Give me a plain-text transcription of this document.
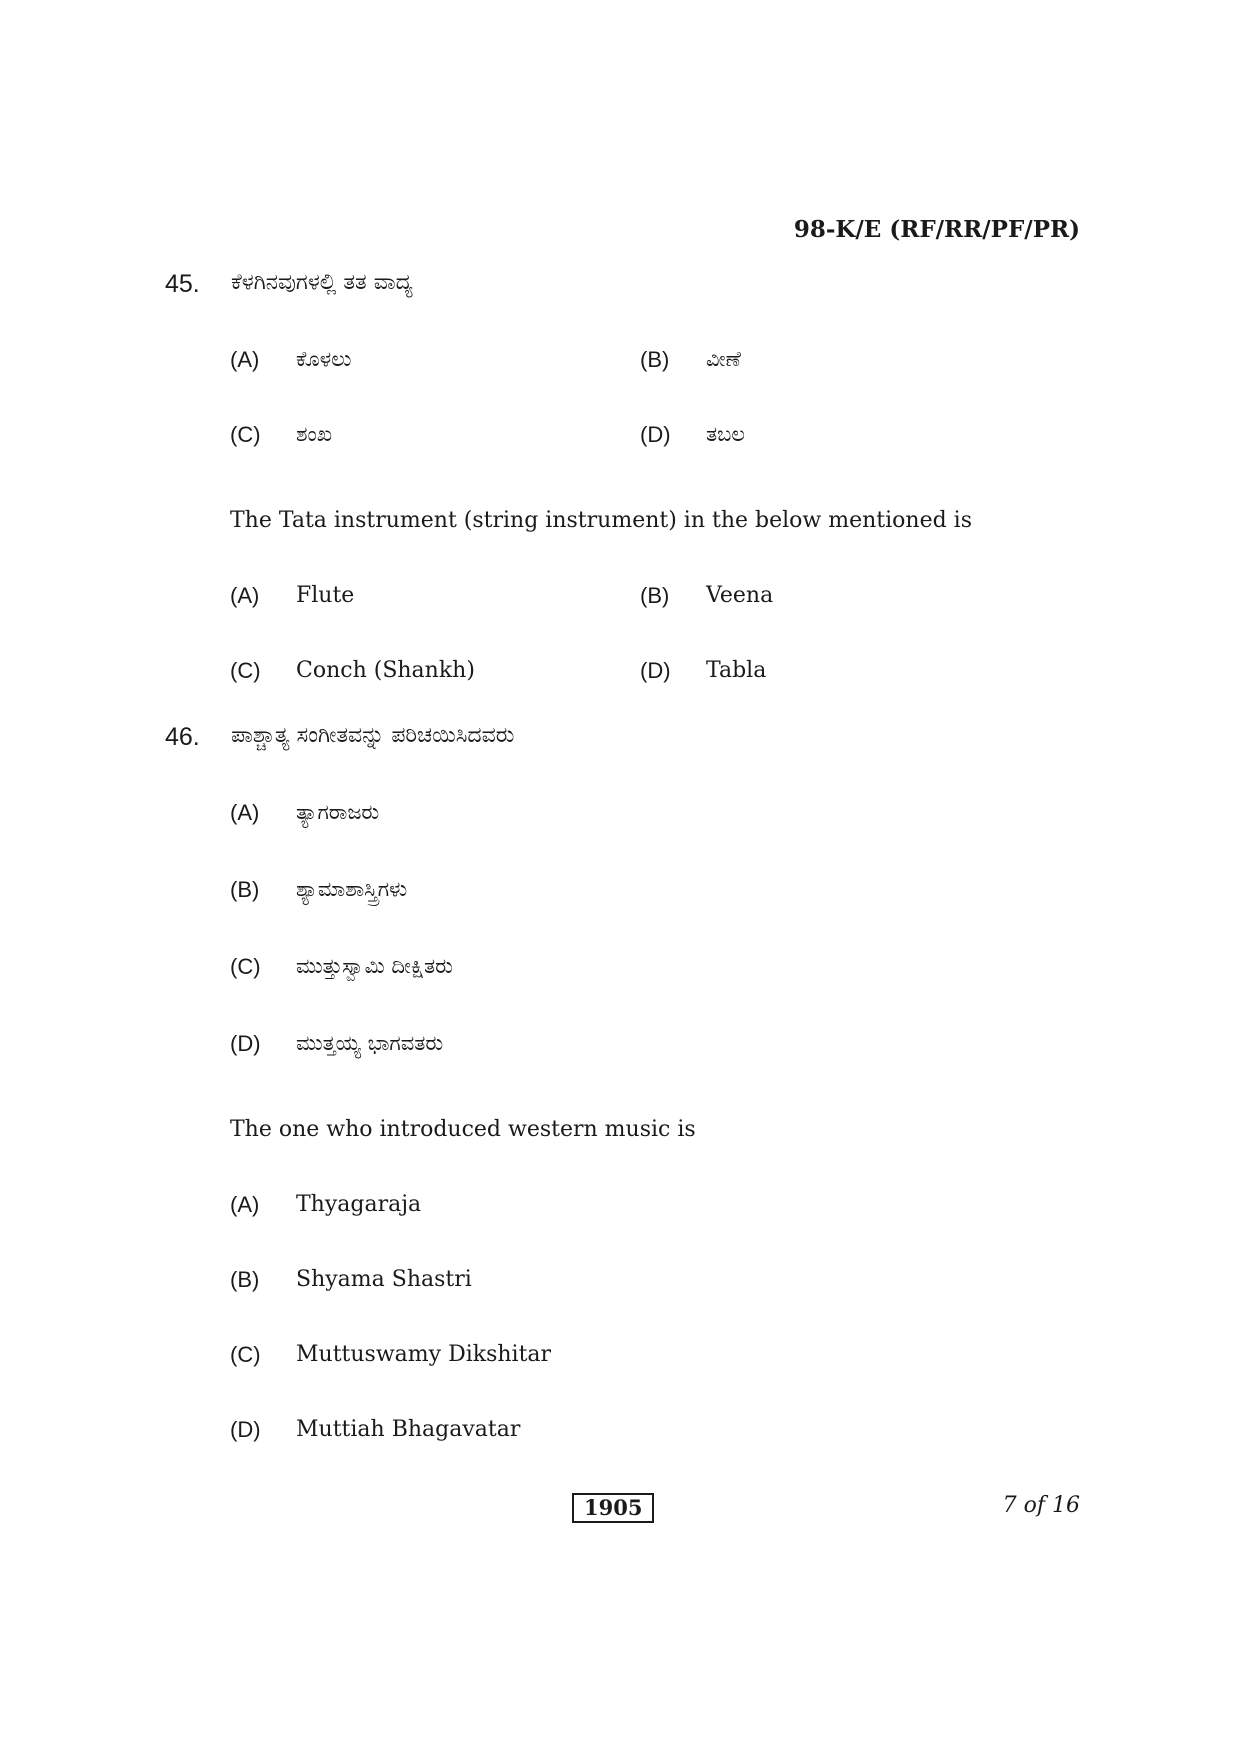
98-K/E (RF/RR/PF/PR)
45. ಕೆಳಗಿನವುಗಳಲ್ಲಿ ತತ ವಾದ್ಯ
(A) ಕೊಳಲು	(B) ವೀಣೆ
(C) ಶಂಖ	(D) ತಬಲ
The Tata instrument (string instrument) in the below mentioned is
(A) Flute	(B) Veena
(C) Conch (Shankh)	(D) Tabla
46. ಪಾಶ್ಚಾತ್ಯ ಸಂಗೀತವನ್ನು ಪರಿಚಯಿಸಿದವರು
(A) ತ್ಯಾಗರಾಜರು
(B) ಶ್ಯಾಮಾಶಾಸ್ತ್ರಿಗಳು
(C) ಮುತ್ತುಸ್ವಾಮಿ ದೀಕ್ಷಿತರು
(D) ಮುತ್ತಯ್ಯ ಭಾಗವತರು
The one who introduced western music is
(A) Thyagaraja
(B) Shyama Shastri
(C) Muttuswamy Dikshitar
(D) Muttiah Bhagavatar
1905	7 of 16
